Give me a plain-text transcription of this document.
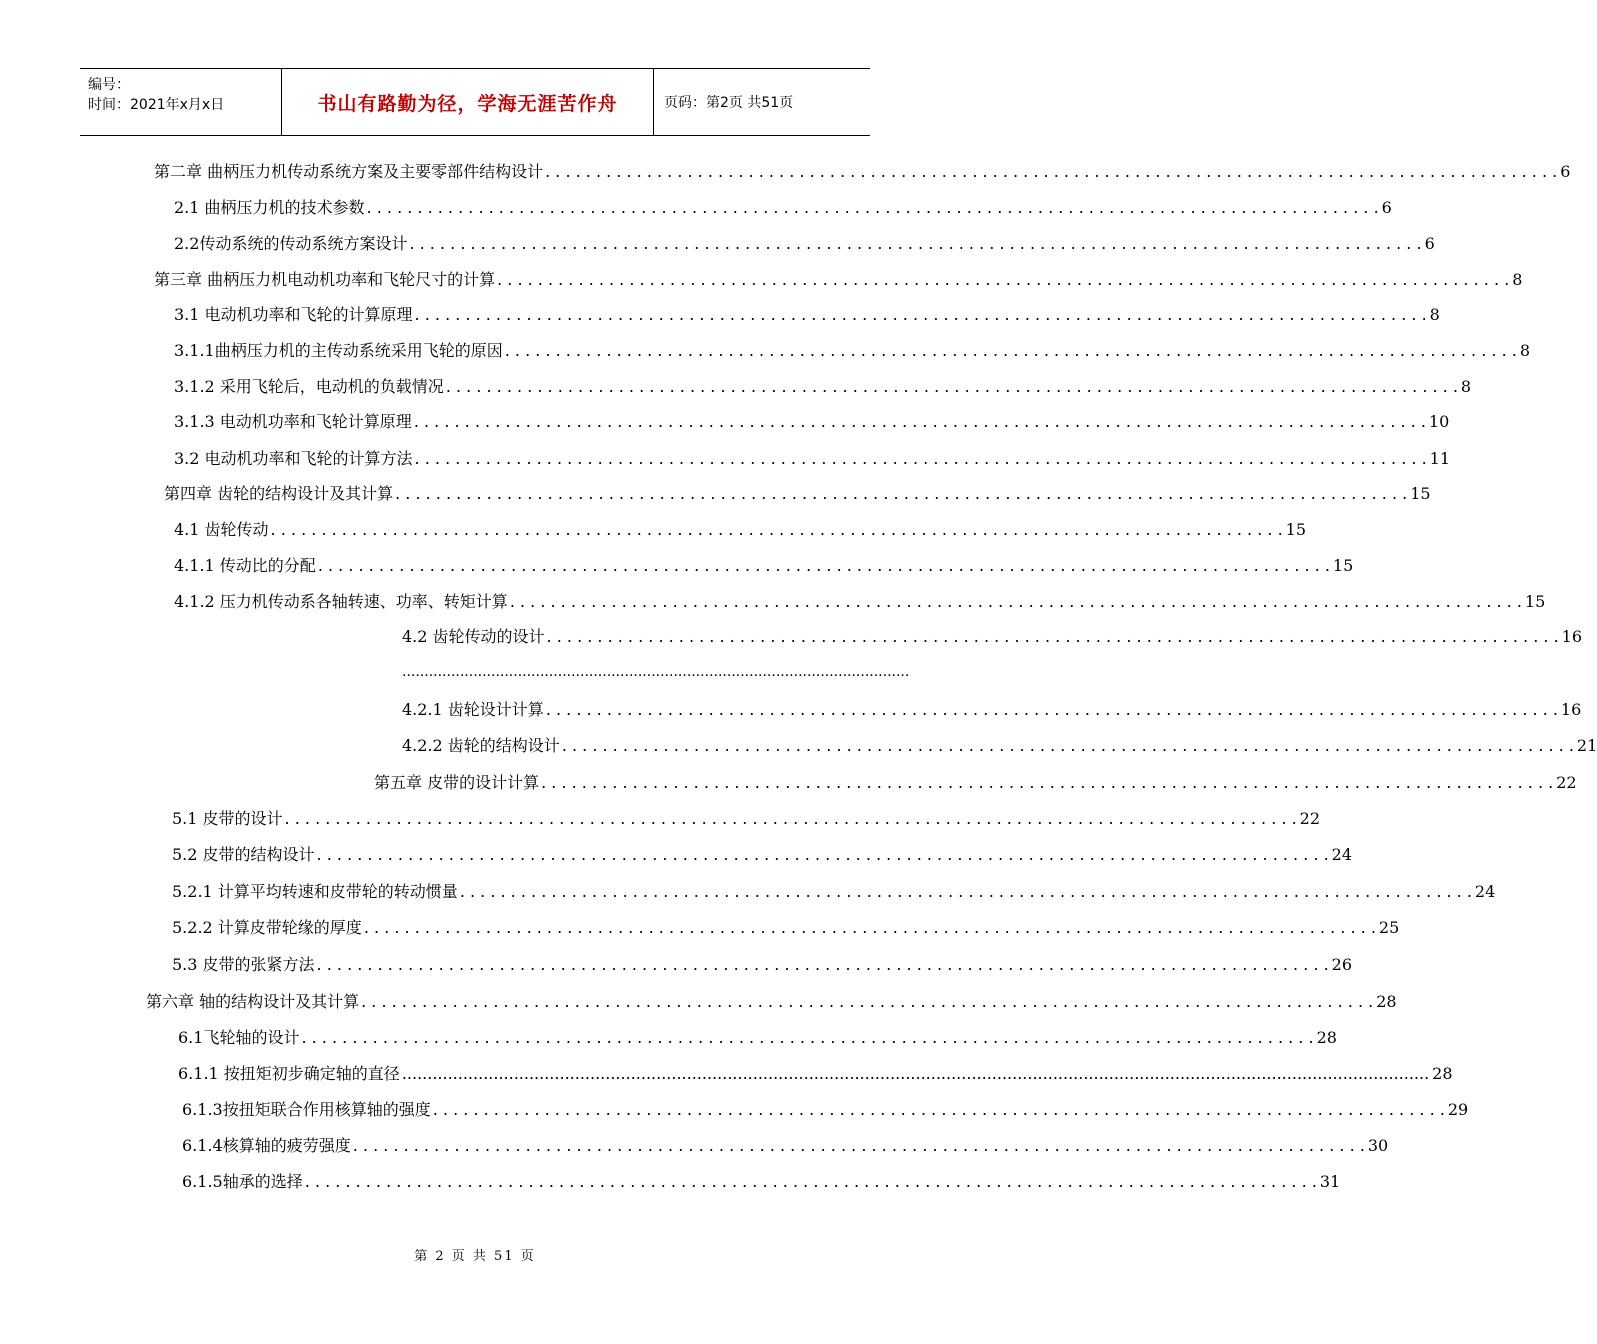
编号：
时间：2021年x月x日	书山有路勤为径，学海无涯苦作舟	页码：第2页 共51页
第二章 曲柄压力机传动系统方案及主要零部件结构设计 . . .	6
2.1 曲柄压力机的技术参数 . . .	6
2.2传动系统的传动系统方案设计 . . .	6
第三章 曲柄压力机电动机功率和飞轮尺寸的计算 . . .	8
3.1 电动机功率和飞轮的计算原理 . . .	8
3.1.1曲柄压力机的主传动系统采用飞轮的原因 . . .	8
3.1.2 采用飞轮后，电动机的负载情况 . . .	8
3.1.3 电动机功率和飞轮计算原理 . . .	10
3.2 电动机功率和飞轮的计算方法 . . .	11
第四章 齿轮的结构设计及其计算 . . .	15
4.1 齿轮传动 . . .	15
4.1.1 传动比的分配 . . .	15
4.1.2 压力机传动系各轴转速、功率、转矩计算 . . .	15
4.2 齿轮传动的设计 . . .	16
..................................................................................................................
4.2.1 齿轮设计计算 . . .	16
4.2.2 齿轮的结构设计 . . .	21
第五章 皮带的设计计算 . . .	22
5.1 皮带的设计 . . .	22
5.2 皮带的结构设计 . . .	24
5.2.1 计算平均转速和皮带轮的转动惯量 . . .	24
5.2.2 计算皮带轮缘的厚度 . . .	25
5.3 皮带的张紧方法 . . .	26
第六章 轴的结构设计及其计算 . . .	28
6.1飞轮轴的设计 . . .	28
6.1.1 按扭矩初步确定轴的直径 .....	28
6.1.3按扭矩联合作用核算轴的强度 . . .	29
6.1.4核算轴的疲劳强度 . . .	30
6.1.5轴承的选择 . . .	31
第 2 页 共 51 页
